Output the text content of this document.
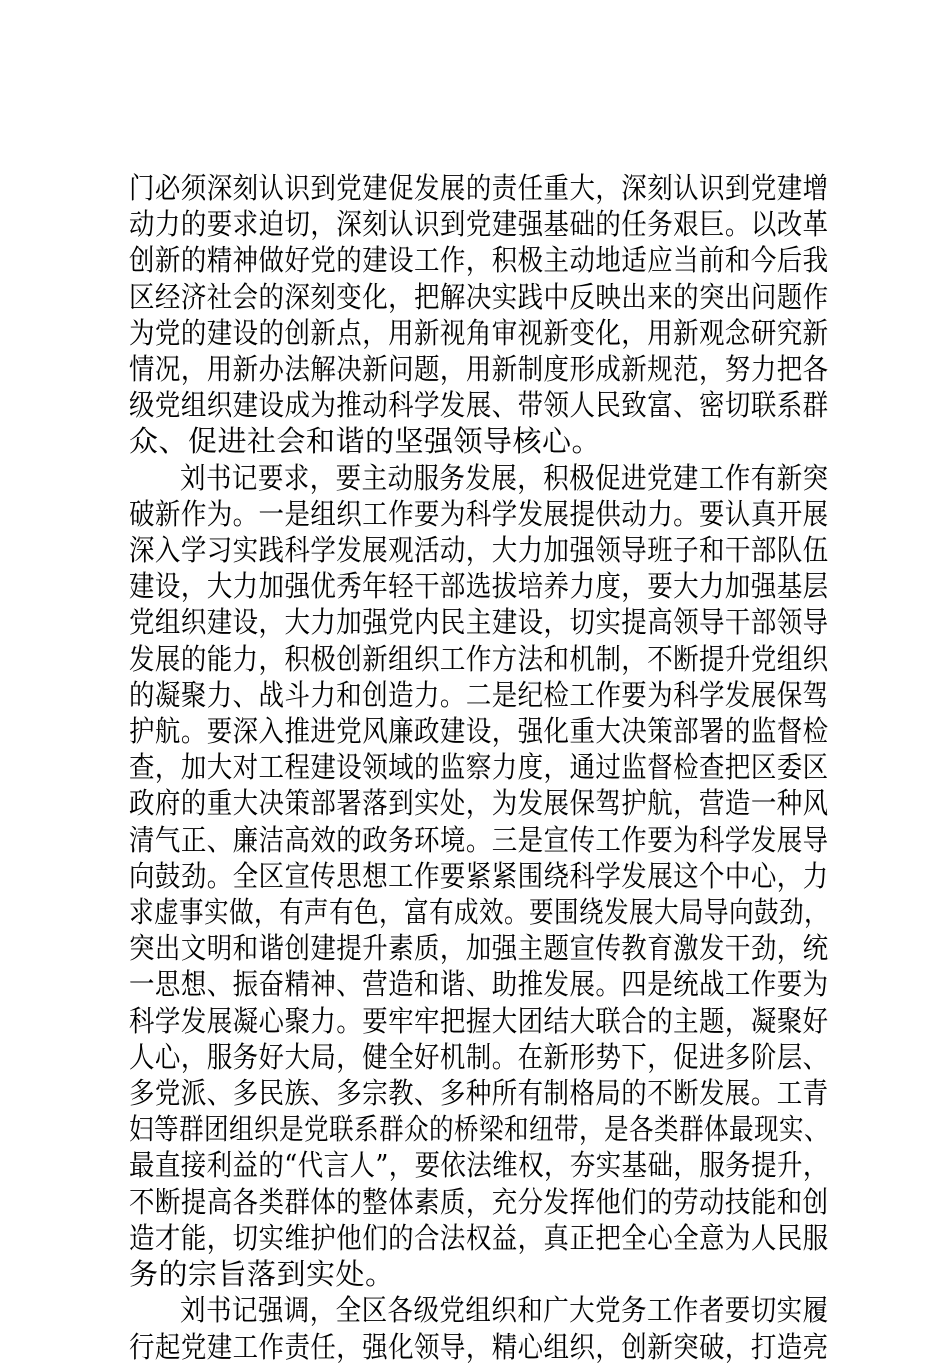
门必须深刻认识到党建促发展的责任重大，深刻认识到党建增
动力的要求迫切，深刻认识到党建强基础的任务艰巨。以改革
创新的精神做好党的建设工作，积极主动地适应当前和今后我
区经济社会的深刻变化，把解决实践中反映出来的突出问题作
为党的建设的创新点，用新视角审视新变化，用新观念研究新
情况，用新办法解决新问题，用新制度形成新规范，努力把各
级党组织建设成为推动科学发展、带领人民致富、密切联系群
众、促进社会和谐的坚强领导核心。

刘书记要求，要主动服务发展，积极促进党建工作有新突
破新作为。一是组织工作要为科学发展提供动力。要认真开展
深入学习实践科学发展观活动，大力加强领导班子和干部队伍
建设，大力加强优秀年轻干部选拔培养力度，要大力加强基层
党组织建设，大力加强党内民主建设，切实提高领导干部领导
发展的能力，积极创新组织工作方法和机制，不断提升党组织
的凝聚力、战斗力和创造力。二是纪检工作要为科学发展保驾
护航。要深入推进党风廉政建设，强化重大决策部署的监督检
查，加大对工程建设领域的监察力度，通过监督检查把区委区
政府的重大决策部署落到实处，为发展保驾护航，营造一种风
清气正、廉洁高效的政务环境。三是宣传工作要为科学发展导
向鼓劲。全区宣传思想工作要紧紧围绕科学发展这个中心，力
求虚事实做，有声有色，富有成效。要围绕发展大局导向鼓劲，
突出文明和谐创建提升素质，加强主题宣传教育激发干劲，统
一思想、振奋精神、营造和谐、助推发展。四是统战工作要为
科学发展凝心聚力。要牢牢把握大团结大联合的主题，凝聚好
人心，服务好大局，健全好机制。在新形势下，促进多阶层、
多党派、多民族、多宗教、多种所有制格局的不断发展。工青
妇等群团组织是党联系群众的桥梁和纽带，是各类群体最现实、
最直接利益的“代言人”，要依法维权，夯实基础，服务提升，
不断提高各类群体的整体素质，充分发挥他们的劳动技能和创
造才能，切实维护他们的合法权益，真正把全心全意为人民服
务的宗旨落到实处。

刘书记强调，全区各级党组织和广大党务工作者要切实履
行起党建工作责任，强化领导，精心组织，创新突破，打造亮
